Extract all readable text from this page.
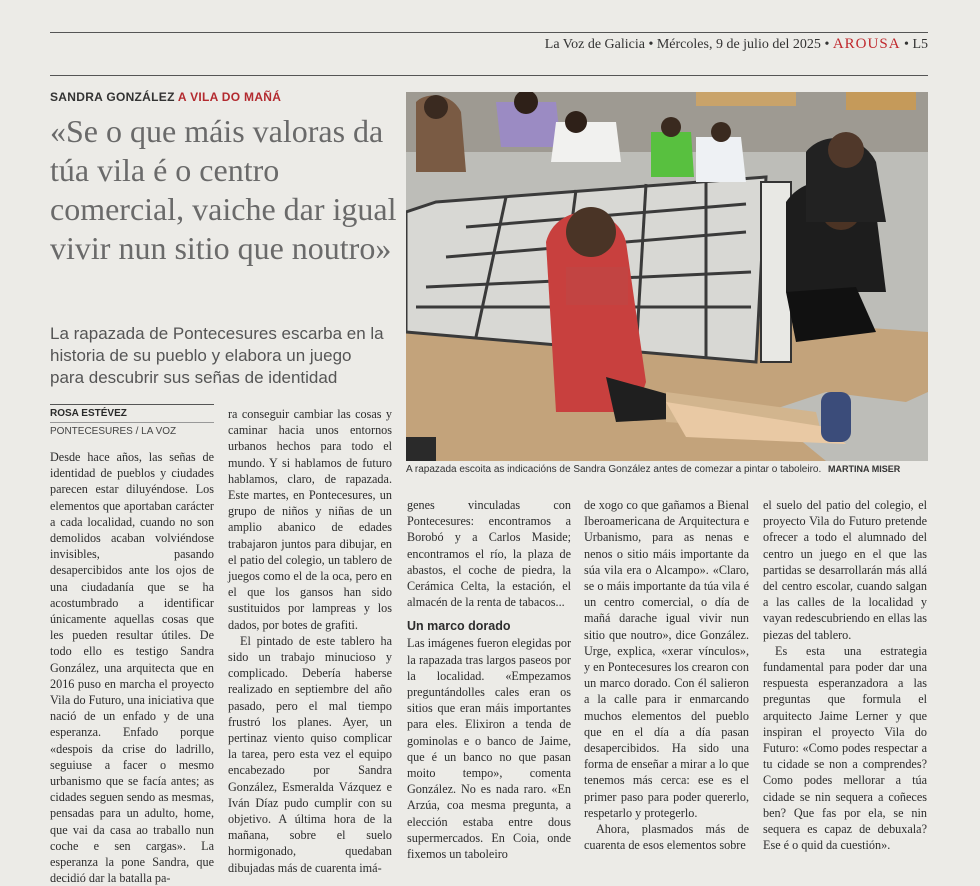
La Voz de Galicia • Mércoles, 9 de julio del 2025 • AROUSA • L5
SANDRA GONZÁLEZ A VILA DO MAÑÁ
«Se o que máis valoras da túa vila é o centro comercial, vaiche dar igual vivir nun sitio que noutro»
La rapazada de Pontecesures escarba en la historia de su pueblo y elabora un juego para descubrir sus señas de identidad
ROSA ESTÉVEZ
PONTECESURES / LA VOZ

Desde hace años, las señas de identidad de pueblos y ciudades parecen estar diluyéndose. Los elementos que aportaban carácter a cada localidad, cuando no son demolidos acaban volviéndose invisibles, pasando desapercibidos ante los ojos de una ciudadanía que se ha acostumbrado a identificar únicamente aquellas cosas que les pueden resultar útiles. De todo ello es testigo Sandra González, una arquitecta que en 2016 puso en marcha el proyecto Vila do Futuro, una iniciativa que nació de un enfado y de una esperanza. Enfado porque «despois da crise do ladrillo, seguiuse a facer o mesmo urbanismo que se facía antes; as cidades seguen sendo as mesmas, pensadas para un adulto, home, que vai da casa ao traballo nun coche e sen cargas». La esperanza la pone Sandra, que decidió dar la batalla pa-

ra conseguir cambiar las cosas y caminar hacia unos entornos urbanos hechos para todo el mundo. Y si hablamos de futuro hablamos, claro, de rapazada. Este martes, en Pontecesures, un grupo de niños y niñas de un amplio abanico de edades trabajaron juntos para dibujar, en el patio del colegio, un tablero de juegos como el de la oca, pero en el que los gansos han sido sustituidos por lampreas y los dados, por botes de grafiti.

El pintado de este tablero ha sido un trabajo minucioso y complicado. Debería haberse realizado en septiembre del año pasado, pero el mal tiempo frustró los planes. Ayer, un pertinaz viento quiso complicar la tarea, pero esta vez el equipo encabezado por Sandra González, Esmeralda Vázquez e Iván Díaz pudo cumplir con su objetivo. A última hora de la mañana, sobre el suelo hormigonado, quedaban dibujadas más de cuarenta imá-

genes vinculadas con Pontecesures: encontramos a Borobó y a Carlos Maside; encontramos el río, la plaza de abastos, el coche de piedra, la Cerámica Celta, la estación, el almacén de la renta de tabacos...

Un marco dorado

Las imágenes fueron elegidas por la rapazada tras largos paseos por la localidad. «Empezamos preguntándolles cales eran os sitios que eran máis importantes para eles. Elixiron a tenda de gominolas e o banco de Jaime, que é un banco no que pasan moito tempo», comenta González. No es nada raro. «En Arzúa, coa mesma pregunta, a elección estaba entre dous supermercados. En Coia, onde fixemos un taboleiro

de xogo co que gañamos a Bienal Iberoamericana de Arquitectura e Urbanismo, para as nenas e nenos o sitio máis importante da súa vila era o Alcampo». «Claro, se o máis importante da túa vila é un centro comercial, o día de mañá darache igual vivir nun sitio que noutro», dice González. Urge, explica, «xerar vínculos», y en Pontecesures los crearon con un marco dorado. Con él salieron a la calle para ir enmarcando muchos elementos del pueblo que en el día a día pasan desapercibidos. Ha sido una forma de enseñar a mirar a lo que tenemos más cerca: ese es el primer paso para poder quererlo, respetarlo y protegerlo.

Ahora, plasmados más de cuarenta de esos elementos sobre

el suelo del patio del colegio, el proyecto Vila do Futuro pretende ofrecer a todo el alumnado del centro un juego en el que las partidas se desarrollarán más allá del centro escolar, cuando salgan a las calles de la localidad y vayan redescubriendo en ellas las piezas del tablero.

Es esta una estrategia fundamental para poder dar una respuesta esperanzadora a las preguntas que formula el arquitecto Jaime Lerner y que inspiran el proyecto Vila do Futuro: «Como podes respectar a tu cidade se non a comprendes? Como podes mellorar a túa cidade se nin sequera a coñeces ben? Que fas por ela, se nin sequera es capaz de debuxala? Ese é o quid da cuestión».

A rapazada escoita as indicacións de Sandra González antes de comezar a pintar o taboleiro. MARTINA MISER
